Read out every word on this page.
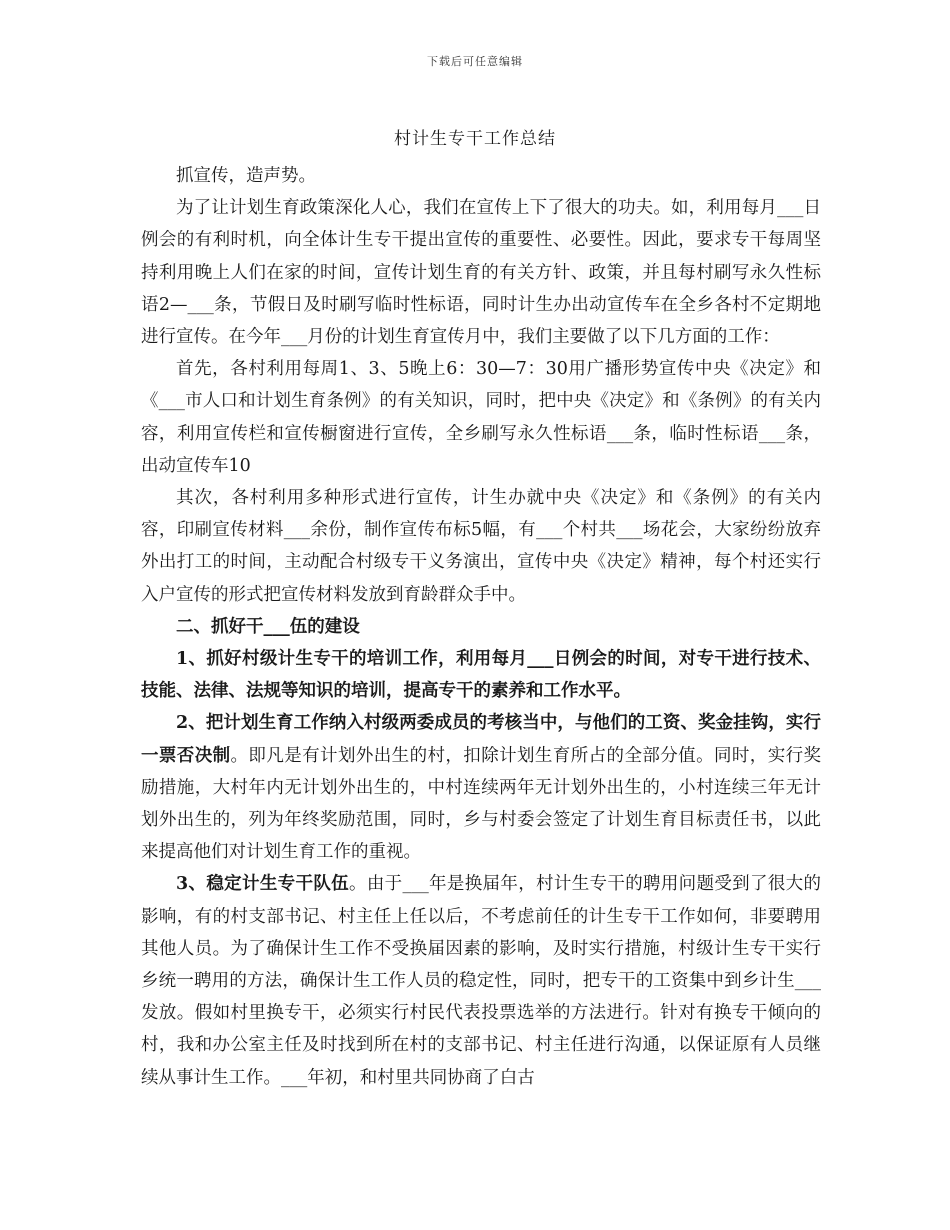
下载后可任意编辑
村计生专干工作总结

抓宣传，造声势。

为了让计划生育政策深化人心，我们在宣传上下了很大的功夫。如，利用每月___日例会的有利时机，向全体计生专干提出宣传的重要性、必要性。因此，要求专干每周坚持利用晚上人们在家的时间，宣传计划生育的有关方针、政策，并且每村刷写永久性标语2—___条，节假日及时刷写临时性标语，同时计生办出动宣传车在全乡各村不定期地进行宣传。在今年___月份的计划生育宣传月中，我们主要做了以下几方面的工作：

首先，各村利用每周1、3、5晚上6：30—7：30用广播形势宣传中央《决定》和《___市人口和计划生育条例》的有关知识，同时，把中央《决定》和《条例》的有关内容，利用宣传栏和宣传橱窗进行宣传，全乡刷写永久性标语___条，临时性标语___条，出动宣传车10

其次，各村利用多种形式进行宣传，计生办就中央《决定》和《条例》的有关内容，印刷宣传材料___余份，制作宣传布标5幅，有___个村共___场花会，大家纷纷放弃外出打工的时间，主动配合村级专干义务演出，宣传中央《决定》精神，每个村还实行入户宣传的形式把宣传材料发放到育龄群众手中。

二、抓好干___伍的建设

1、抓好村级计生专干的培训工作，利用每月___日例会的时间，对专干进行技术、技能、法律、法规等知识的培训，提高专干的素养和工作水平。

2、把计划生育工作纳入村级两委成员的考核当中，与他们的工资、奖金挂钩，实行一票否决制。即凡是有计划外出生的村，扣除计划生育所占的全部分值。同时，实行奖励措施，大村年内无计划外出生的，中村连续两年无计划外出生的，小村连续三年无计划外出生的，列为年终奖励范围，同时，乡与村委会签定了计划生育目标责任书，以此来提高他们对计划生育工作的重视。

3、稳定计生专干队伍。由于___年是换届年，村计生专干的聘用问题受到了很大的影响，有的村支部书记、村主任上任以后，不考虑前任的计生专干工作如何，非要聘用其他人员。为了确保计生工作不受换届因素的影响，及时实行措施，村级计生专干实行乡统一聘用的方法，确保计生工作人员的稳定性，同时，把专干的工资集中到乡计生___发放。假如村里换专干，必须实行村民代表投票选举的方法进行。针对有换专干倾向的村，我和办公室主任及时找到所在村的支部书记、村主任进行沟通，以保证原有人员继续从事计生工作。___年初，和村里共同协商了白古
